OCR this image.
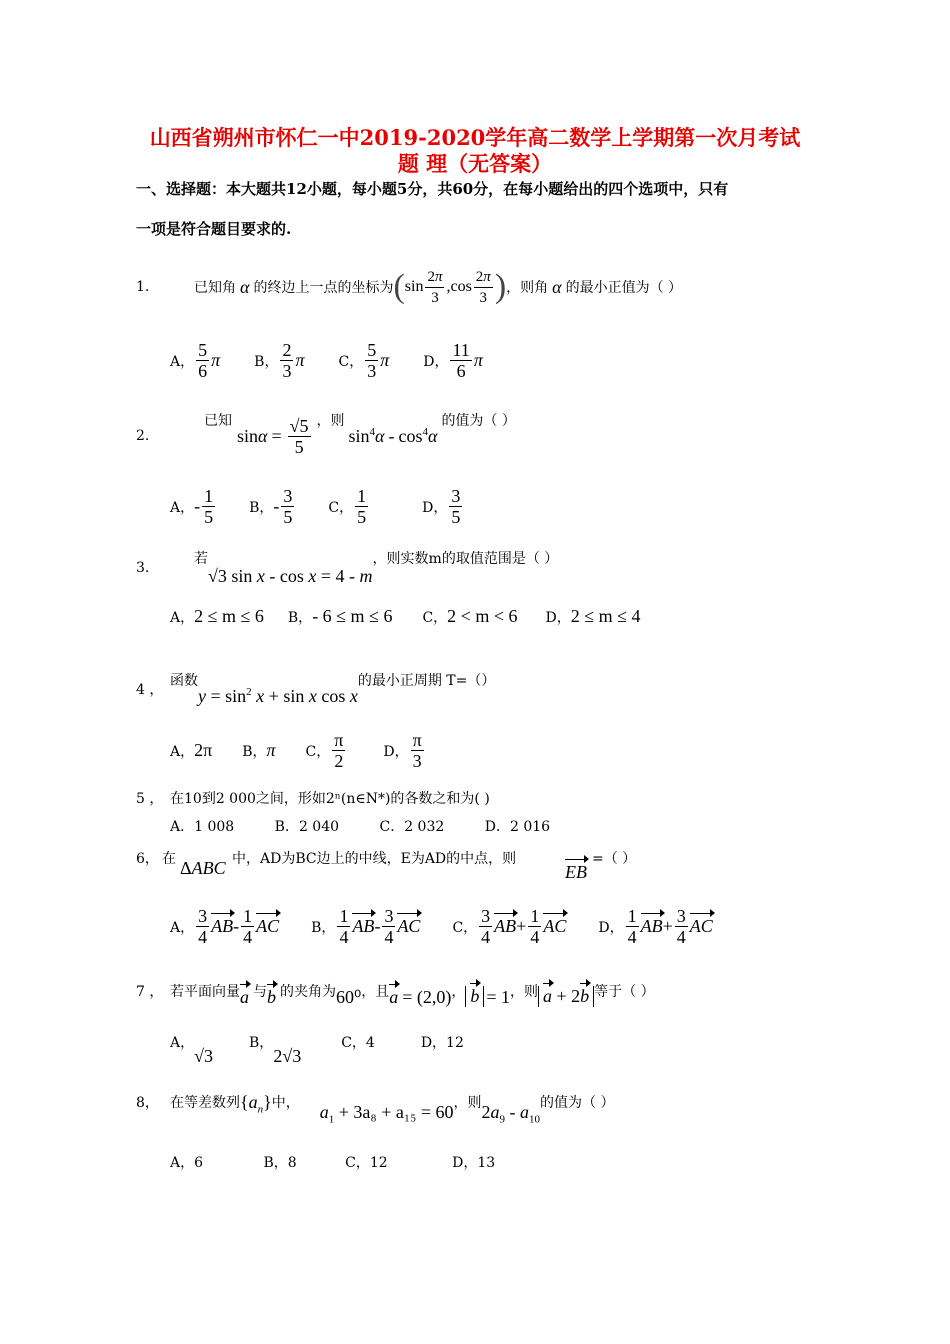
山西省朔州市怀仁一中2019-2020学年高二数学上学期第一次月考试
题 理（无答案）
一、选择题：本大题共12小题，每小题5分，共60分，在每小题给出的四个选项中，只有
一项是符合题目要求的.
1.	已知角 α 的终边上一点的坐标为 ( $\sin \frac{2\pi}{3} ,\cos \frac{2\pi}{3}$ ) ，则角 α 的最小正值为（ ）
A， $\frac{5}{6}$ π B， $\frac{2}{3}$ π C， $\frac{5}{3}$ π D， $\frac{11}{6}$ π
2.
已知
$\sin \alpha = \frac{√5}{5}$ ，则
$\sin^4 \alpha - \cos^4 \alpha$
的值为（ ）
A， - $\frac{1}{5}$ B， - $\frac{3}{5}$ C， $\frac{1}{5}$	D， $\frac{3}{5}$
3.
若
√3 sin x - cos x = 4 - m
，则实数m的取值范围是（ ）
A，2 ≤ m ≤ 6 B，- 6 ≤ m ≤ 6 C，2 < m < 6 D，2 ≤ m ≤ 4
4 ，
函数
$y = \sin^2 x + \sin x$ cos x
的最小正周期 T=（）
A， 2π B， π C， $\frac{\pi}{2}$	D， $\frac{\pi}{3}$
5 ， 在10到2 000之间，形如2ⁿ(n∈N*)的各数之和为( )
A．1 008	B．2 040	C．2 032	D．2 016
6， 在 ΔABC 中，AD为BC边上的中线，E为AD的中点，则
EB
=（ ）
A， $\frac{3}{4}$ AB - $\frac{1}{4}$ AC B， $\frac{1}{4}$ AB - $\frac{3}{4}$ AC C， $\frac{3}{4}$ AB + $\frac{1}{4}$ AC D， $\frac{1}{4}$ AB + $\frac{3}{4}$ AC
7 ， 若平面向量 a 与 b 的夹角为 60⁰ ，且 a = (2,0) ， b = 1 ，则 a + 2b 等于（ ）
A，
√3
B，
2√3
C，4	D，12
8， 在等差数列 $\{a_n\}$ 中， $a_1 + 3a_8 + a_{15} = 60$ ，则 $2a_9 - a_{10}$
的值为（ ）
A，6	B，8	C，12	D，13
